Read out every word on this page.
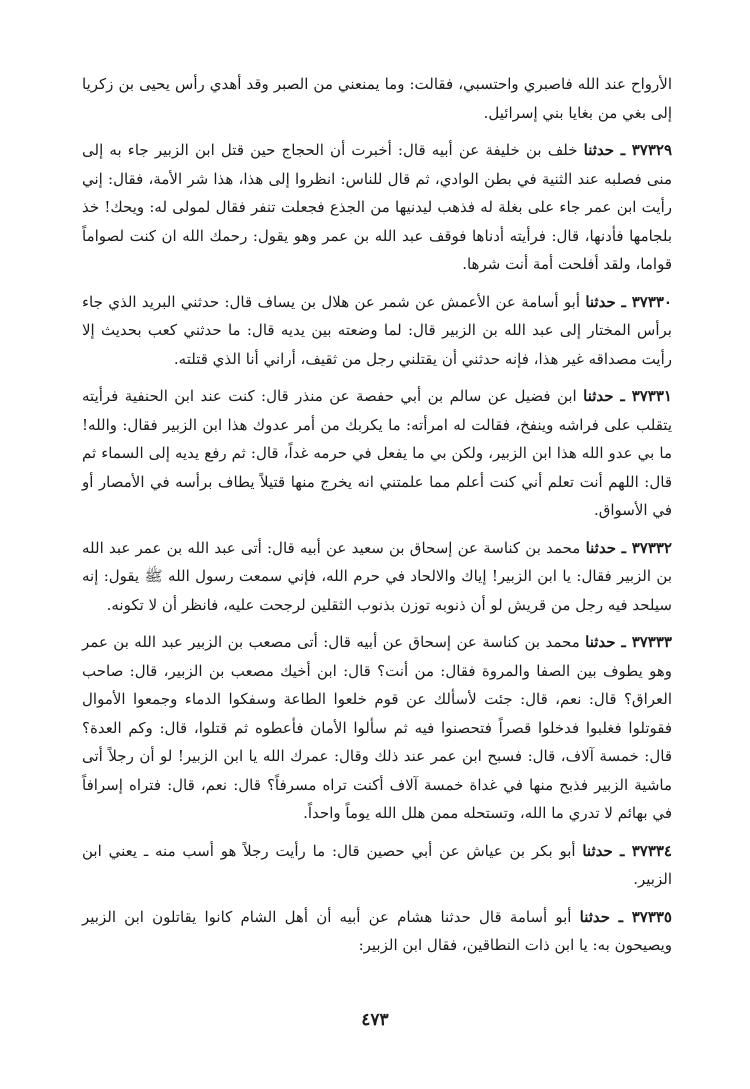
الأرواح عند الله فاصبري واحتسبي، فقالت: وما يمنعني من الصبر وقد أهدي رأس يحيى بن زكريا إلى بغي من بغايا بني إسرائيل.

٣٧٣٢٩ ـ حدثنا خلف بن خليفة عن أبيه قال: أخبرت أن الحجاج حين قتل ابن الزبير جاء به إلى منى فصلبه عند الثنية في بطن الوادي، ثم قال للناس: انظروا إلى هذا، هذا شر الأمة، فقال: إني رأيت ابن عمر جاء على بغلة له فذهب ليدنيها من الجذع فجعلت تنفر فقال لمولى له: ويحك! خذ بلجامها فأدنها، قال: فرأيته أدناها فوقف عبد الله بن عمر وهو يقول: رحمك الله ان كنت لصواماً قواما، ولقد أفلحت أمة أنت شرها.

٣٧٣٣٠ ـ حدثنا أبو أسامة عن الأعمش عن شمر عن هلال بن يساف قال: حدثني البريد الذي جاء برأس المختار إلى عبد الله بن الزبير قال: لما وضعته بين يديه قال: ما حدثني كعب بحديث إلا رأيت مصداقه غير هذا، فإنه حدثني أن يقتلني رجل من ثقيف، أراني أنا الذي قتلته.

٣٧٣٣١ ـ حدثنا ابن فضيل عن سالم بن أبي حفصة عن منذر قال: كنت عند ابن الحنفية فرأيته يتقلب على فراشه وينفخ، فقالت له امرأته: ما يكربك من أمر عدوك هذا ابن الزبير فقال: والله! ما بي عدو الله هذا ابن الزبير، ولكن بي ما يفعل في حرمه غداً، قال: ثم رفع يديه إلى السماء ثم قال: اللهم أنت تعلم أني كنت أعلم مما علمتني انه يخرج منها قتيلاً يطاف برأسه في الأمصار أو في الأسواق.

٣٧٣٣٢ ـ حدثنا محمد بن كناسة عن إسحاق بن سعيد عن أبيه قال: أتى عبد الله بن عمر عبد الله بن الزبير فقال: يا ابن الزبير! إياك والالحاد في حرم الله، فإني سمعت رسول الله ﷺ يقول: إنه سيلحد فيه رجل من قريش لو أن ذنوبه توزن بذنوب الثقلين لرجحت عليه، فانظر أن لا تكونه.

٣٧٣٣٣ ـ حدثنا محمد بن كناسة عن إسحاق عن أبيه قال: أتى مصعب بن الزبير عبد الله بن عمر وهو يطوف بين الصفا والمروة فقال: من أنت؟ قال: ابن أخيك مصعب بن الزبير، قال: صاحب العراق؟ قال: نعم، قال: جئت لأسألك عن قوم خلعوا الطاعة وسفكوا الدماء وجمعوا الأموال فقوتلوا فغلبوا فدخلوا قصراً فتحصنوا فيه ثم سألوا الأمان فأعطوه ثم قتلوا، قال: وكم العدة؟ قال: خمسة آلاف، قال: فسبح ابن عمر عند ذلك وقال: عمرك الله يا ابن الزبير! لو أن رجلاً أتى ماشية الزبير فذبح منها في غداة خمسة آلاف أكنت تراه مسرفاً؟ قال: نعم، قال: فتراه إسرافاً في بهائم لا تدري ما الله، وتستحله ممن هلل الله يوماً واحداً.

٣٧٣٣٤ ـ حدثنا أبو بكر بن عياش عن أبي حصين قال: ما رأيت رجلاً هو أسب منه ـ يعني ابن الزبير.

٣٧٣٣٥ ـ حدثنا أبو أسامة قال حدثنا هشام عن أبيه أن أهل الشام كانوا يقاتلون ابن الزبير ويصيحون به: يا ابن ذات النطاقين، فقال ابن الزبير:

٤٧٣
